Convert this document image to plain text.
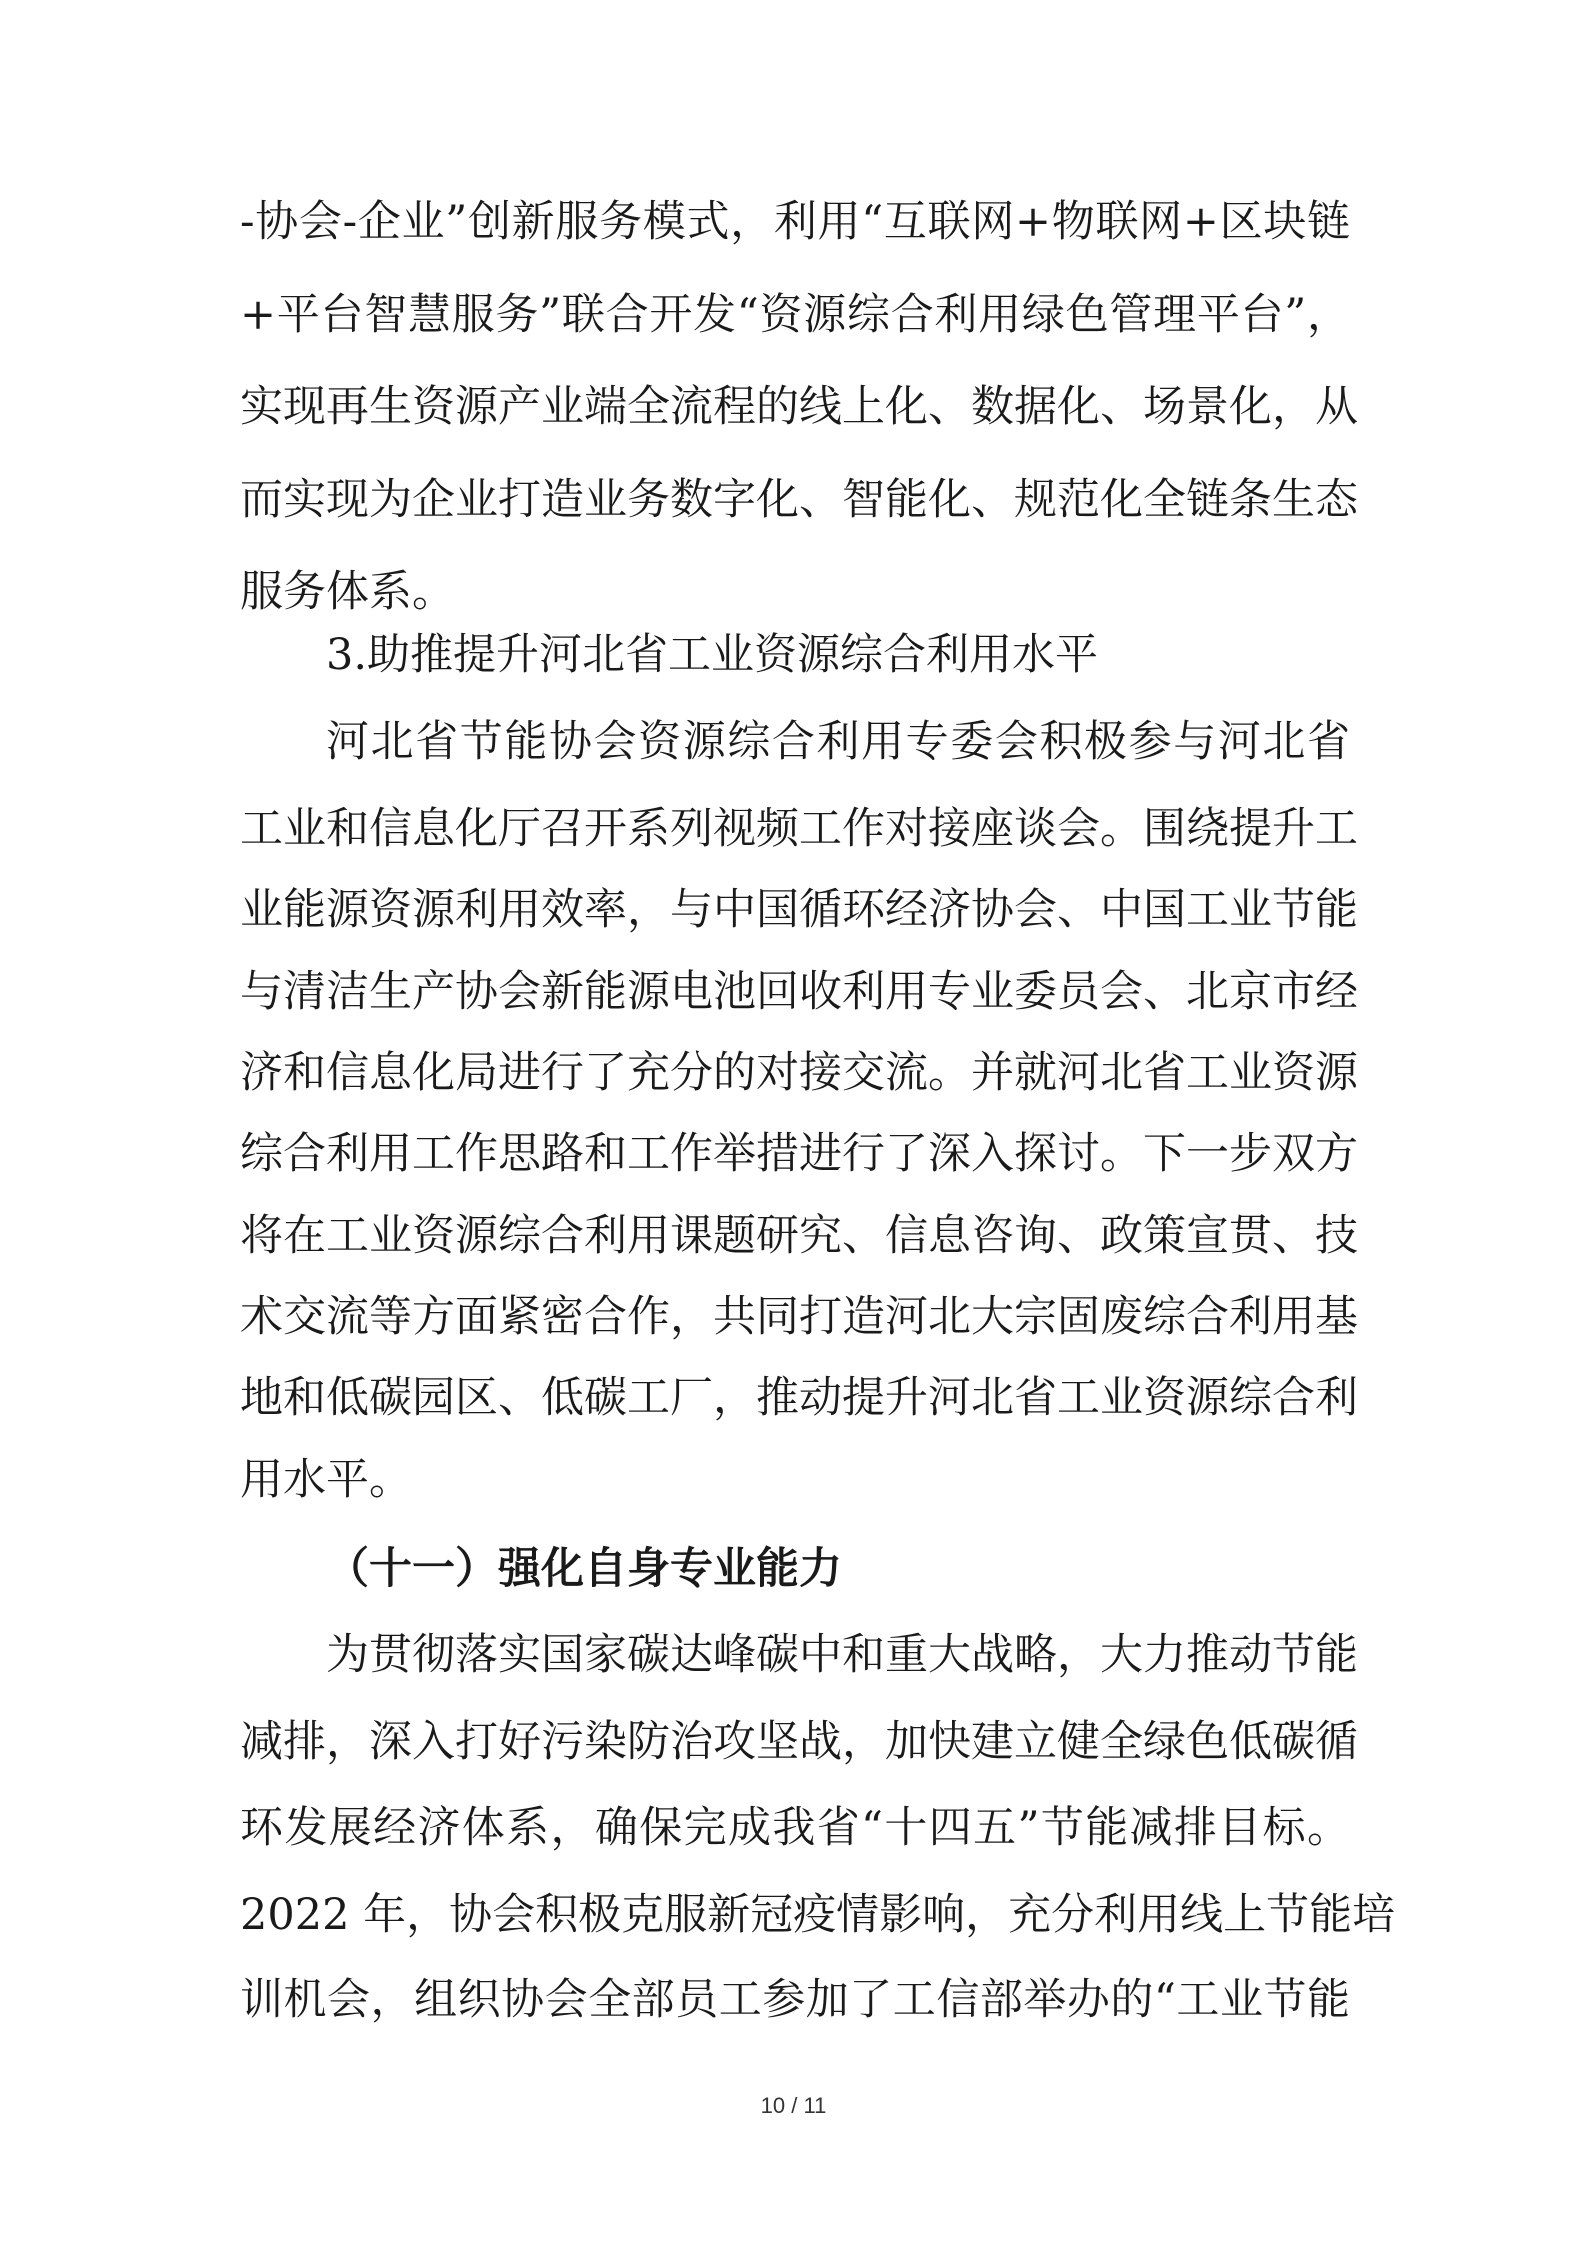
-协会-企业”创新服务模式，利用“互联网+物联网+区块链
+平台智慧服务”联合开发“资源综合利用绿色管理平台”，
实现再生资源产业端全流程的线上化、数据化、场景化，从
而实现为企业打造业务数字化、智能化、规范化全链条生态
服务体系。
3.助推提升河北省工业资源综合利用水平
河北省节能协会资源综合利用专委会积极参与河北省
工业和信息化厅召开系列视频工作对接座谈会。围绕提升工
业能源资源利用效率，与中国循环经济协会、中国工业节能
与清洁生产协会新能源电池回收利用专业委员会、北京市经
济和信息化局进行了充分的对接交流。并就河北省工业资源
综合利用工作思路和工作举措进行了深入探讨。下一步双方
将在工业资源综合利用课题研究、信息咨询、政策宣贯、技
术交流等方面紧密合作，共同打造河北大宗固废综合利用基
地和低碳园区、低碳工厂，推动提升河北省工业资源综合利
用水平。
（十一）强化自身专业能力
为贯彻落实国家碳达峰碳中和重大战略，大力推动节能
减排，深入打好污染防治攻坚战，加快建立健全绿色低碳循
环发展经济体系，确保完成我省“十四五”节能减排目标。
2022 年，协会积极克服新冠疫情影响，充分利用线上节能培
训机会，组织协会全部员工参加了工信部举办的“工业节能
10 / 11
